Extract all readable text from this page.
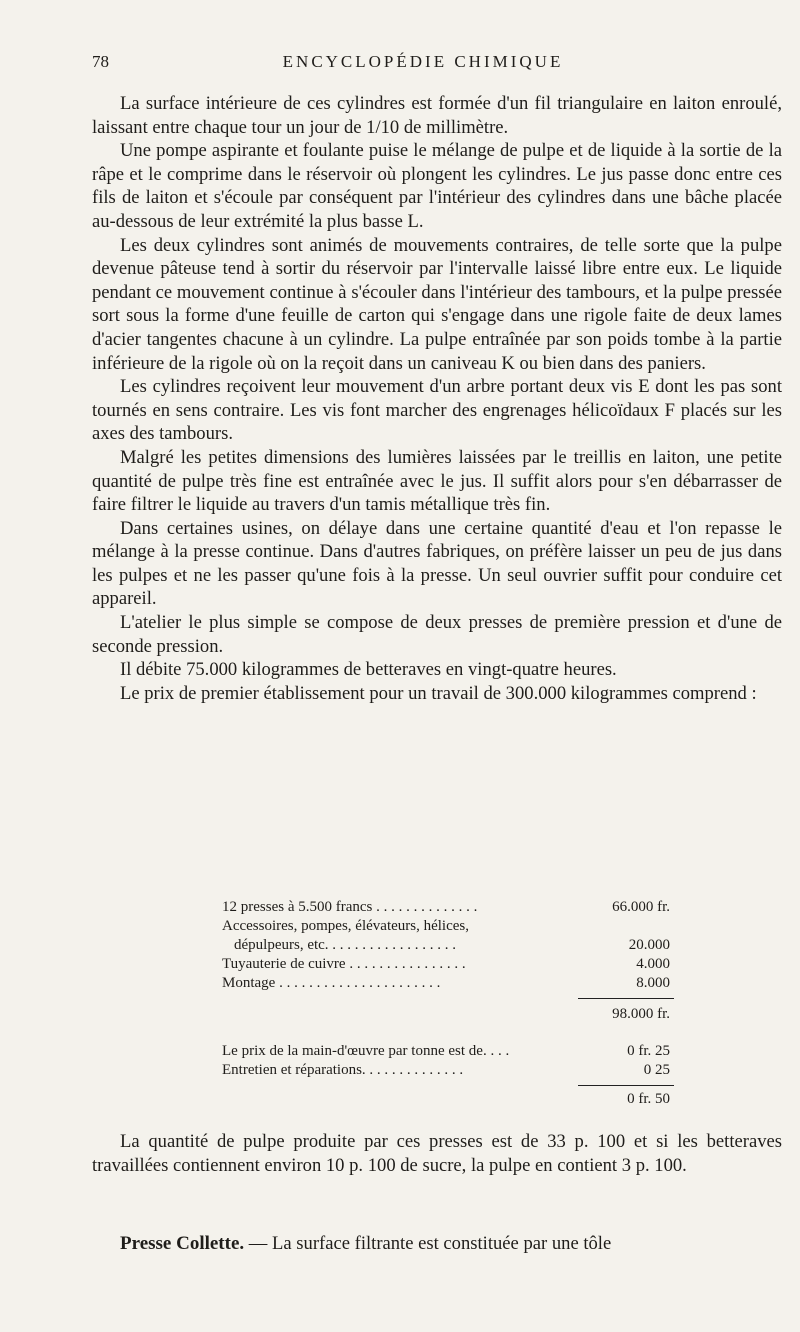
78	ENCYCLOPÉDIE CHIMIQUE

La surface intérieure de ces cylindres est formée d'un fil triangulaire en laiton enroulé, laissant entre chaque tour un jour de 1/10 de millimètre.

Une pompe aspirante et foulante puise le mélange de pulpe et de liquide à la sortie de la râpe et le comprime dans le réservoir où plongent les cylindres. Le jus passe donc entre ces fils de laiton et s'écoule par conséquent par l'intérieur des cylindres dans une bâche placée au-dessous de leur extrémité la plus basse L.

Les deux cylindres sont animés de mouvements contraires, de telle sorte que la pulpe devenue pâteuse tend à sortir du réservoir par l'intervalle laissé libre entre eux. Le liquide pendant ce mouvement continue à s'écouler dans l'intérieur des tambours, et la pulpe pressée sort sous la forme d'une feuille de carton qui s'engage dans une rigole faite de deux lames d'acier tangentes chacune à un cylindre. La pulpe entraînée par son poids tombe à la partie inférieure de la rigole où on la reçoit dans un caniveau K ou bien dans des paniers.

Les cylindres reçoivent leur mouvement d'un arbre portant deux vis E dont les pas sont tournés en sens contraire. Les vis font marcher des engrenages hélicoïdaux F placés sur les axes des tambours.

Malgré les petites dimensions des lumières laissées par le treillis en laiton, une petite quantité de pulpe très fine est entraînée avec le jus. Il suffit alors pour s'en débarrasser de faire filtrer le liquide au travers d'un tamis métallique très fin.

Dans certaines usines, on délaye dans une certaine quantité d'eau et l'on repasse le mélange à la presse continue. Dans d'autres fabriques, on préfère laisser un peu de jus dans les pulpes et ne les passer qu'une fois à la presse. Un seul ouvrier suffit pour conduire cet appareil.

L'atelier le plus simple se compose de deux presses de première pression et d'une de seconde pression.

Il débite 75.000 kilogrammes de betteraves en vingt-quatre heures.

Le prix de premier établissement pour un travail de 300.000 kilogrammes comprend :

12 presses à 5.500 francs . . . . . . . . . . . . . .	66.000 fr.
Accessoires, pompes, élévateurs, hélices,
dépulpeurs, etc. . . . . . . . . . . . . . . . . .	20.000
Tuyauterie de cuivre . . . . . . . . . . . . . . . .	4.000
Montage . . . . . . . . . . . . . . . . . . . . . .	8.000
98.000 fr.
Le prix de la main-d'œuvre par tonne est de. . . .	0 fr. 25
Entretien et réparations. . . . . . . . . . . . . .	0 25
0 fr. 50

La quantité de pulpe produite par ces presses est de 33 p. 100 et si les betteraves travaillées contiennent environ 10 p. 100 de sucre, la pulpe en contient 3 p. 100.

Presse Collette. — La surface filtrante est constituée par une tôle
